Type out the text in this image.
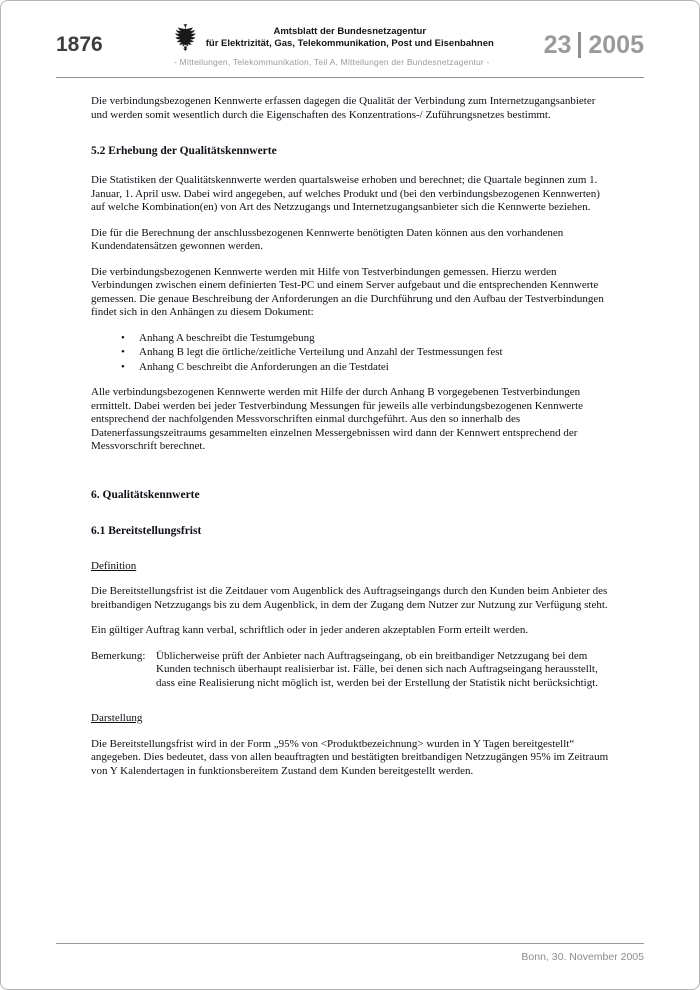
1876
Amtsblatt der Bundesnetzagentur
für Elektrizität, Gas, Telekommunikation, Post und Eisenbahnen
- Mitteilungen, Telekommunikation, Teil A, Mitteilungen der Bundesnetzagentur -
23 2005

Die verbindungsbezogenen Kennwerte erfassen dagegen die Qualität der Verbindung zum Internetzugangsanbieter und werden somit wesentlich durch die Eigenschaften des Konzentrations-/ Zuführungsnetzes bestimmt.

5.2 Erhebung der Qualitätskennwerte

Die Statistiken der Qualitätskennwerte werden quartalsweise erhoben und berechnet; die Quartale beginnen zum 1. Januar, 1. April usw. Dabei wird angegeben, auf welches Produkt und (bei den verbindungsbezogenen Kennwerten) auf welche Kombination(en) von Art des Netzzugangs und Internetzugangsanbieter sich die Kennwerte beziehen.

Die für die Berechnung der anschlussbezogenen Kennwerte benötigten Daten können aus den vorhandenen Kundendatensätzen gewonnen werden.

Die verbindungsbezogenen Kennwerte werden mit Hilfe von Testverbindungen gemessen. Hierzu werden Verbindungen zwischen einem definierten Test-PC und einem Server aufgebaut und die entsprechenden Kennwerte gemessen. Die genaue Beschreibung der Anforderungen an die Durchführung und den Aufbau der Testverbindungen findet sich in den Anhängen zu diesem Dokument:

• Anhang A beschreibt die Testumgebung
• Anhang B legt die örtliche/zeitliche Verteilung und Anzahl der Testmessungen fest
• Anhang C beschreibt die Anforderungen an die Testdatei

Alle verbindungsbezogenen Kennwerte werden mit Hilfe der durch Anhang B vorgegebenen Testverbindungen ermittelt. Dabei werden bei jeder Testverbindung Messungen für jeweils alle verbindungsbezogenen Kennwerte entsprechend der nachfolgenden Messvorschriften einmal durchgeführt. Aus den so innerhalb des Datenerfassungszeitraums gesammelten einzelnen Messergebnissen wird dann der Kennwert entsprechend der Messvorschrift berechnet.

6. Qualitätskennwerte
6.1 Bereitstellungsfrist

Definition

Die Bereitstellungsfrist ist die Zeitdauer vom Augenblick des Auftragseingangs durch den Kunden beim Anbieter des breitbandigen Netzzugangs bis zu dem Augenblick, in dem der Zugang dem Nutzer zur Nutzung zur Verfügung steht.

Ein gültiger Auftrag kann verbal, schriftlich oder in jeder anderen akzeptablen Form erteilt werden.

Bemerkung: Üblicherweise prüft der Anbieter nach Auftragseingang, ob ein breitbandiger Netzzugang bei dem Kunden technisch überhaupt realisierbar ist. Fälle, bei denen sich nach Auftragseingang herausstellt, dass eine Realisierung nicht möglich ist, werden bei der Erstellung der Statistik nicht berücksichtigt.

Darstellung

Die Bereitstellungsfrist wird in der Form „95% von <Produktbezeichnung> wurden in Y Tagen bereitgestellt“ angegeben. Dies bedeutet, dass von allen beauftragten und bestätigten breitbandigen Netzzugängen 95% im Zeitraum von Y Kalendertagen in funktionsbereitem Zustand dem Kunden bereitgestellt werden.

Bonn, 30. November 2005
